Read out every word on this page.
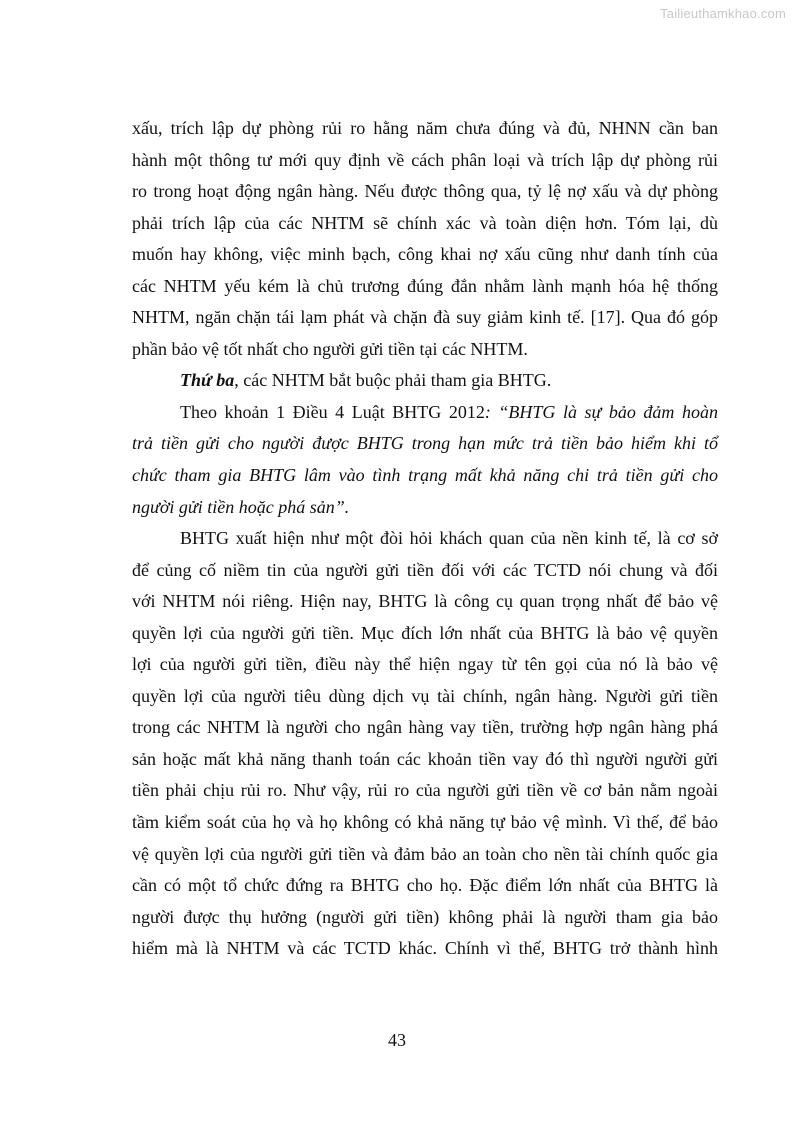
Tailieuthamkhao.com
xấu, trích lập dự phòng rủi ro hằng năm chưa đúng và đủ, NHNN cần ban
hành một thông tư mới quy định về cách phân loại và trích lập dự phòng rủi
ro trong hoạt động ngân hàng. Nếu được thông qua, tỷ lệ nợ xấu và dự phòng
phải trích lập của các NHTM sẽ chính xác và toàn diện hơn. Tóm lại, dù
muốn hay không, việc minh bạch, công khai nợ xấu cũng như danh tính của
các NHTM yếu kém là chủ trương đúng đắn nhằm lành mạnh hóa hệ thống
NHTM, ngăn chặn tái lạm phát và chặn đà suy giảm kinh tế. [17]. Qua đó góp
phần bảo vệ tốt nhất cho người gửi tiền tại các NHTM.
Thứ ba, các NHTM bắt buộc phải tham gia BHTG.
Theo khoản 1 Điều 4 Luật BHTG 2012: “BHTG là sự bảo đảm hoàn
trả tiền gửi cho người được BHTG trong hạn mức trả tiền bảo hiểm khi tổ
chức tham gia BHTG lâm vào tình trạng mất khả năng chi trả tiền gửi cho
người gửi tiền hoặc phá sản”.
BHTG xuất hiện như một đòi hỏi khách quan của nền kinh tế, là cơ sở
để củng cố niềm tin của người gửi tiền đối với các TCTD nói chung và đối
với NHTM nói riêng. Hiện nay, BHTG là công cụ quan trọng nhất để bảo vệ
quyền lợi của người gửi tiền. Mục đích lớn nhất của BHTG là bảo vệ quyền
lợi của người gửi tiền, điều này thể hiện ngay từ tên gọi của nó là bảo vệ
quyền lợi của người tiêu dùng dịch vụ tài chính, ngân hàng. Người gửi tiền
trong các NHTM là người cho ngân hàng vay tiền, trường hợp ngân hàng phá
sản hoặc mất khả năng thanh toán các khoản tiền vay đó thì người người gửi
tiền phải chịu rủi ro. Như vậy, rủi ro của người gửi tiền về cơ bản nằm ngoài
tầm kiểm soát của họ và họ không có khả năng tự bảo vệ mình. Vì thế, để bảo
vệ quyền lợi của người gửi tiền và đảm bảo an toàn cho nền tài chính quốc gia
cần có một tổ chức đứng ra BHTG cho họ. Đặc điểm lớn nhất của BHTG là
người được thụ hưởng (người gửi tiền) không phải là người tham gia bảo
hiểm mà là NHTM và các TCTD khác. Chính vì thế, BHTG trở thành hình
43
